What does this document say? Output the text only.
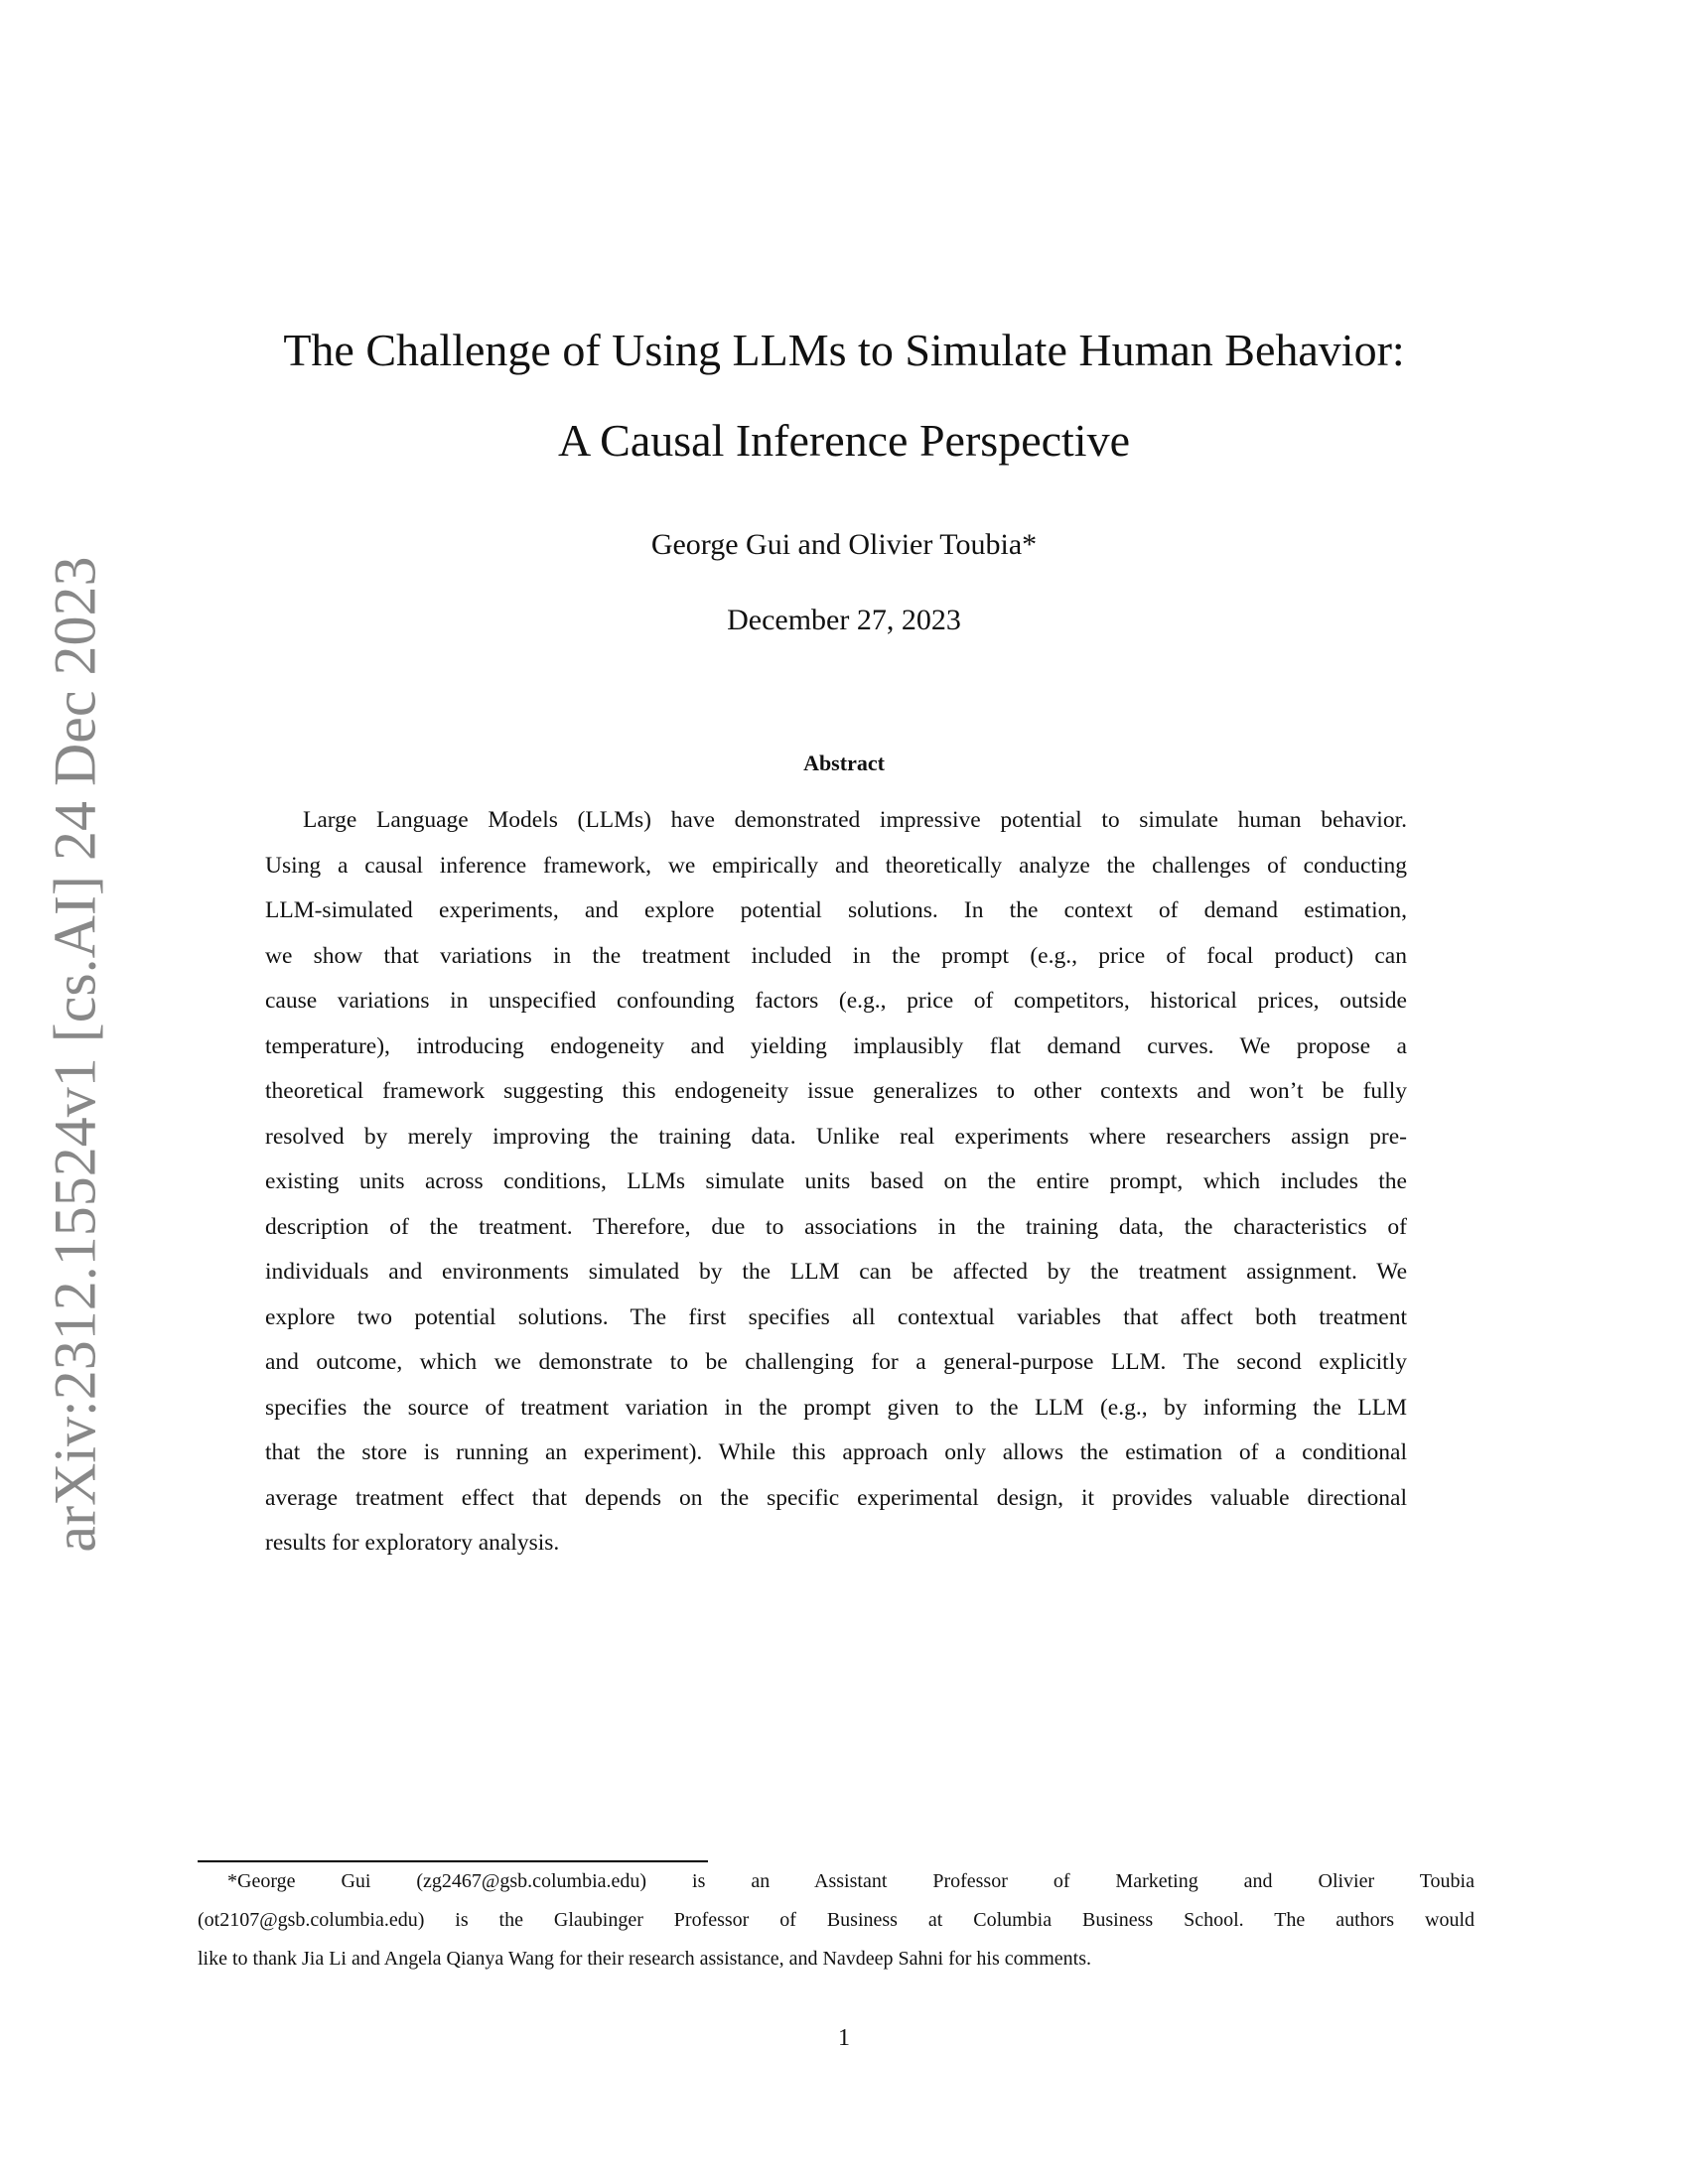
arXiv:2312.15524v1 [cs.AI] 24 Dec 2023
The Challenge of Using LLMs to Simulate Human Behavior:
A Causal Inference Perspective
George Gui and Olivier Toubia*
December 27, 2023
Abstract
Large Language Models (LLMs) have demonstrated impressive potential to simulate human behavior.
Using a causal inference framework, we empirically and theoretically analyze the challenges of conducting
LLM-simulated experiments, and explore potential solutions. In the context of demand estimation,
we show that variations in the treatment included in the prompt (e.g., price of focal product) can
cause variations in unspecified confounding factors (e.g., price of competitors, historical prices, outside
temperature), introducing endogeneity and yielding implausibly flat demand curves. We propose a
theoretical framework suggesting this endogeneity issue generalizes to other contexts and won’t be fully
resolved by merely improving the training data. Unlike real experiments where researchers assign pre-
existing units across conditions, LLMs simulate units based on the entire prompt, which includes the
description of the treatment. Therefore, due to associations in the training data, the characteristics of
individuals and environments simulated by the LLM can be affected by the treatment assignment. We
explore two potential solutions. The first specifies all contextual variables that affect both treatment
and outcome, which we demonstrate to be challenging for a general-purpose LLM. The second explicitly
specifies the source of treatment variation in the prompt given to the LLM (e.g., by informing the LLM
that the store is running an experiment). While this approach only allows the estimation of a conditional
average treatment effect that depends on the specific experimental design, it provides valuable directional
results for exploratory analysis.
*George Gui (zg2467@gsb.columbia.edu) is an Assistant Professor of Marketing and Olivier Toubia
(ot2107@gsb.columbia.edu) is the Glaubinger Professor of Business at Columbia Business School. The authors would
like to thank Jia Li and Angela Qianya Wang for their research assistance, and Navdeep Sahni for his comments.
1
